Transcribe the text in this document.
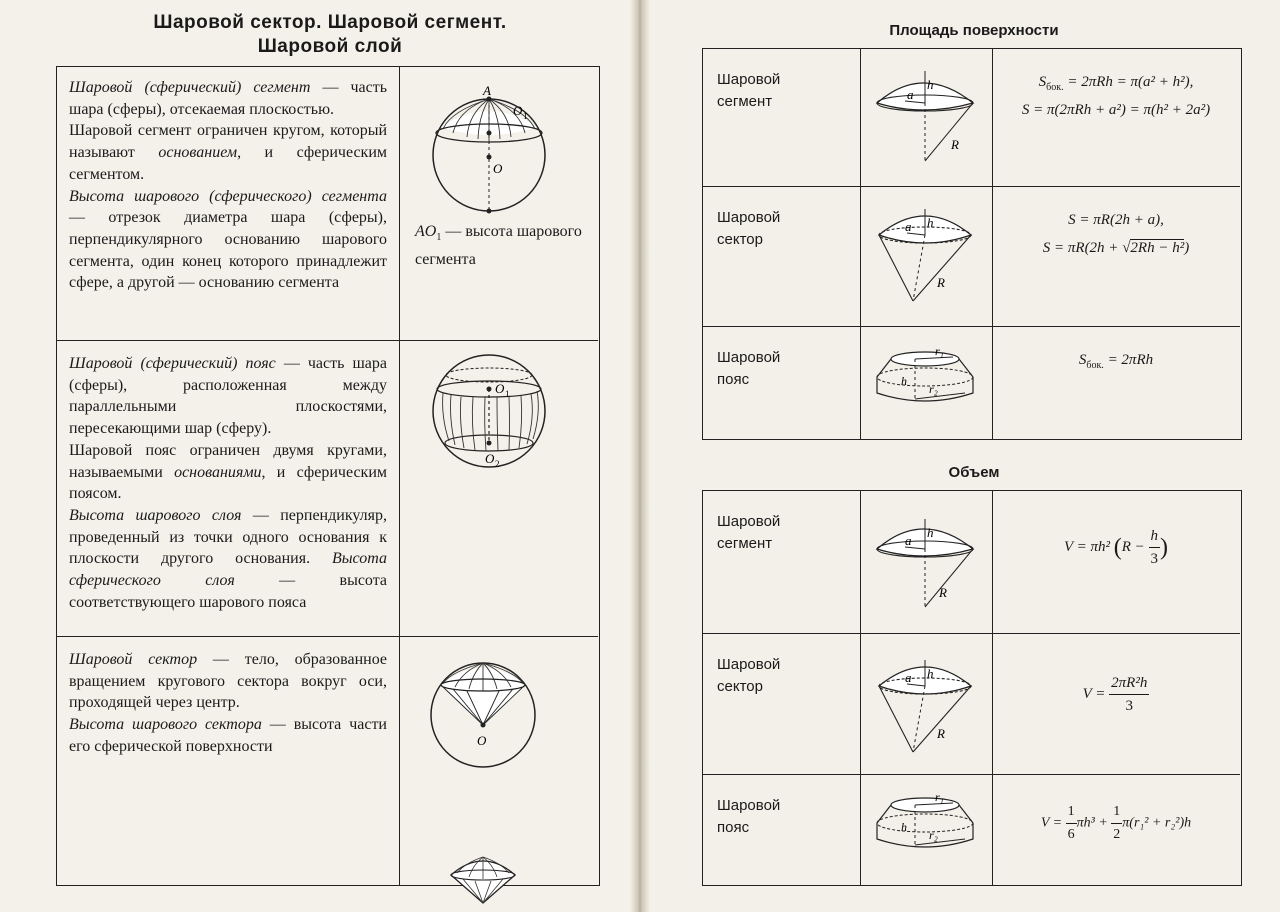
Шаровой сектор. Шаровой сегмент.
Шаровой слой

Шаровой (сферический) сегмент — часть шара (сферы), отсекаемая плоскостью.

Шаровой сегмент ограничен кругом, который называют основанием, и сферическим сегментом.

Высота шарового (сферического) сегмента — отрезок диаметра шара (сферы), перпендикулярного основанию шарового сегмента, один конец которого принадлежит сфере, а другой — основанию сегмента

A
O 1
O
$AO_1$ — высота шарового сегмента

Шаровой (сферический) пояс — часть шара (сферы), расположенная между параллельными плоскостями, пересекающими шар (сферу).

Шаровой пояс ограничен двумя кругами, называемыми основаниями, и сферическим поясом.

Высота шарового слоя — перпендикуляр, проведенный из точки одного основания к плоскости другого основания. Высота сферического слоя — высота соответствующего шарового пояса

O 1
O 2

Шаровой сектор — тело, образованное вращением кругового сектора вокруг оси, проходящей через центр.

Высота шарового сектора — высота части его сферической поверхности	O
Площадь поверхности
Шаровой
сегмент
h
a
R
$S_{бок.} = 2\pi Rh = \pi(a^2 + h^2)$,
S = π(2πRh + a²) = π(h² + 2a²)
Шаровой
сектор
h
a
R
S = πR(2h + a),
S = πR(2h + √2Rh − h²)
Шаровой
пояс
r₁
h
r₂
$S_{бок.} = 2\pi Rh$
Объем
Шаровой
сегмент
h
a
R
V = πh² ($R - \frac{h}{3}$ )
Шаровой
сектор
h
a
R
$V = \frac{\text{2πR²h}}{3}$
Шаровой
пояс
r₁
h
r₂
$V = \frac{1}{6} \pi h^3 + \frac{1}{2} \pi(r_1^2 + r_2^2)h$
